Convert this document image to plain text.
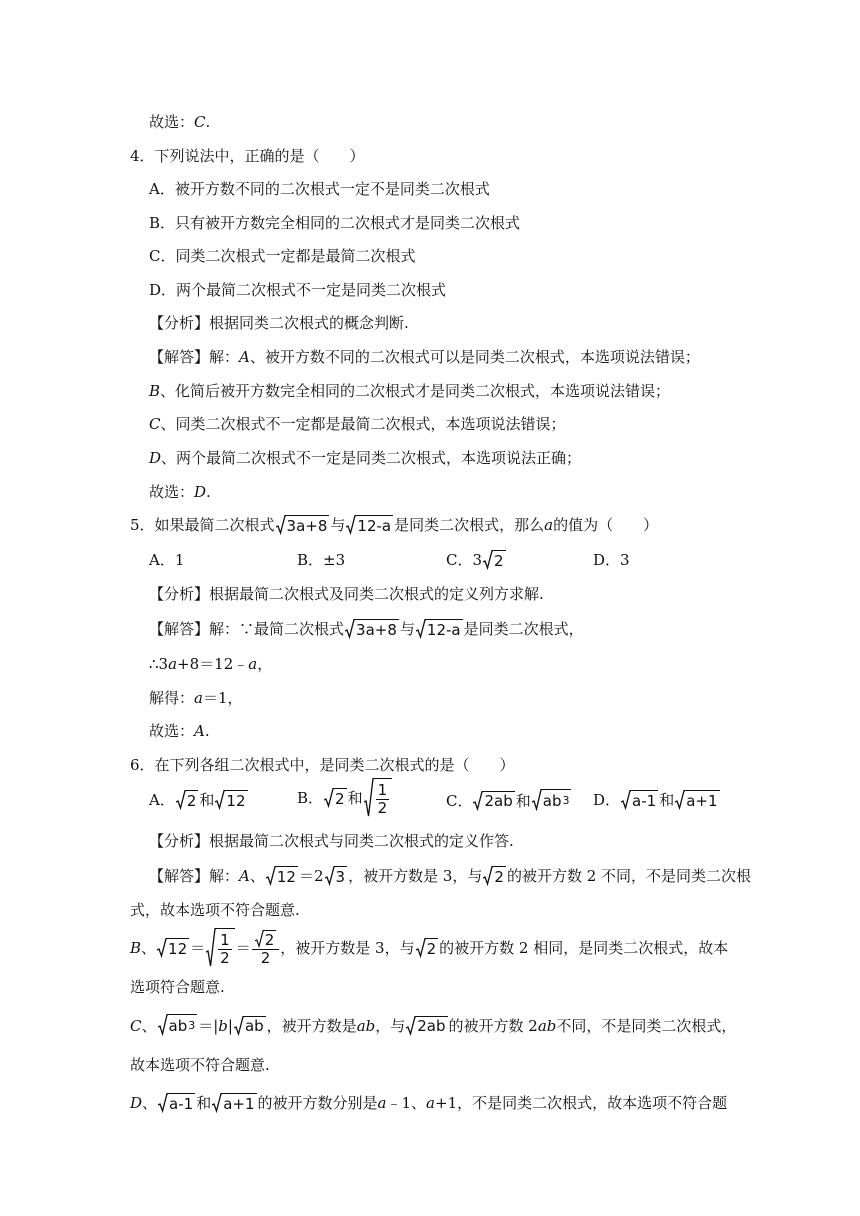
故选： C .
4．下列说法中，正确的是（　　）
A．被开方数不同的二次根式一定不是同类二次根式
B．只有被开方数完全相同的二次根式才是同类二次根式
C．同类二次根式一定都是最简二次根式
D．两个最简二次根式不一定是同类二次根式
【分析】 根据同类二次根式的概念判断.
【解答】 解： A 、被开方数不同的二次根式可以是同类二次根式，本选项说法错误；
B 、化简后被开方数完全相同的二次根式才是同类二次根式，本选项说法错误；
C 、同类二次根式不一定都是最简二次根式，本选项说法错误；
D 、两个最简二次根式不一定是同类二次根式，本选项说法正确；
故选： D .
5．如果最简二次根式 3a+8 与 12-a 是同类二次根式，那么 a 的值为（　　）
A．1	B．±3	C．3 2	D．3
【分析】 根据最简二次根式及同类二次根式的定义列方求解.
【解答】 解：∵最简二次根式 3a+8 与 12-a 是同类二次根式，
∴3 a +8＝12﹣ a ，
解得： a ＝1，
故选： A .
6．在下列各组二次根式中，是同类二次根式的是（　　）
A． 2 和 12	B． 2 和 $\frac{1}{2}$	C． 2ab 和 ab 3 D． a-1 和 a+1
【分析】 根据最简二次根式与同类二次根式的定义作答.
【解答】 解： A 、 12 ＝2 3 ，被开方数是 3，与 2 的被开方数 2 不同，不是同类二次根
式，故本选项不符合题意.
B 、 $12 = \frac{1}{2} = \frac{2}{2}$ ，被开方数是 3，与 2 的被开方数 2 相同，是同类二次根式，故本
选项符合题意.
C 、 ab 3 ＝| b | ab ，被开方数是 ab ，与 2ab 的被开方数 2 ab 不同，不是同类二次根式，
故本选项不符合题意.
D 、 a-1 和 a+1 的被开方数分别是 a ﹣1、 a +1，不是同类二次根式，故本选项不符合题
